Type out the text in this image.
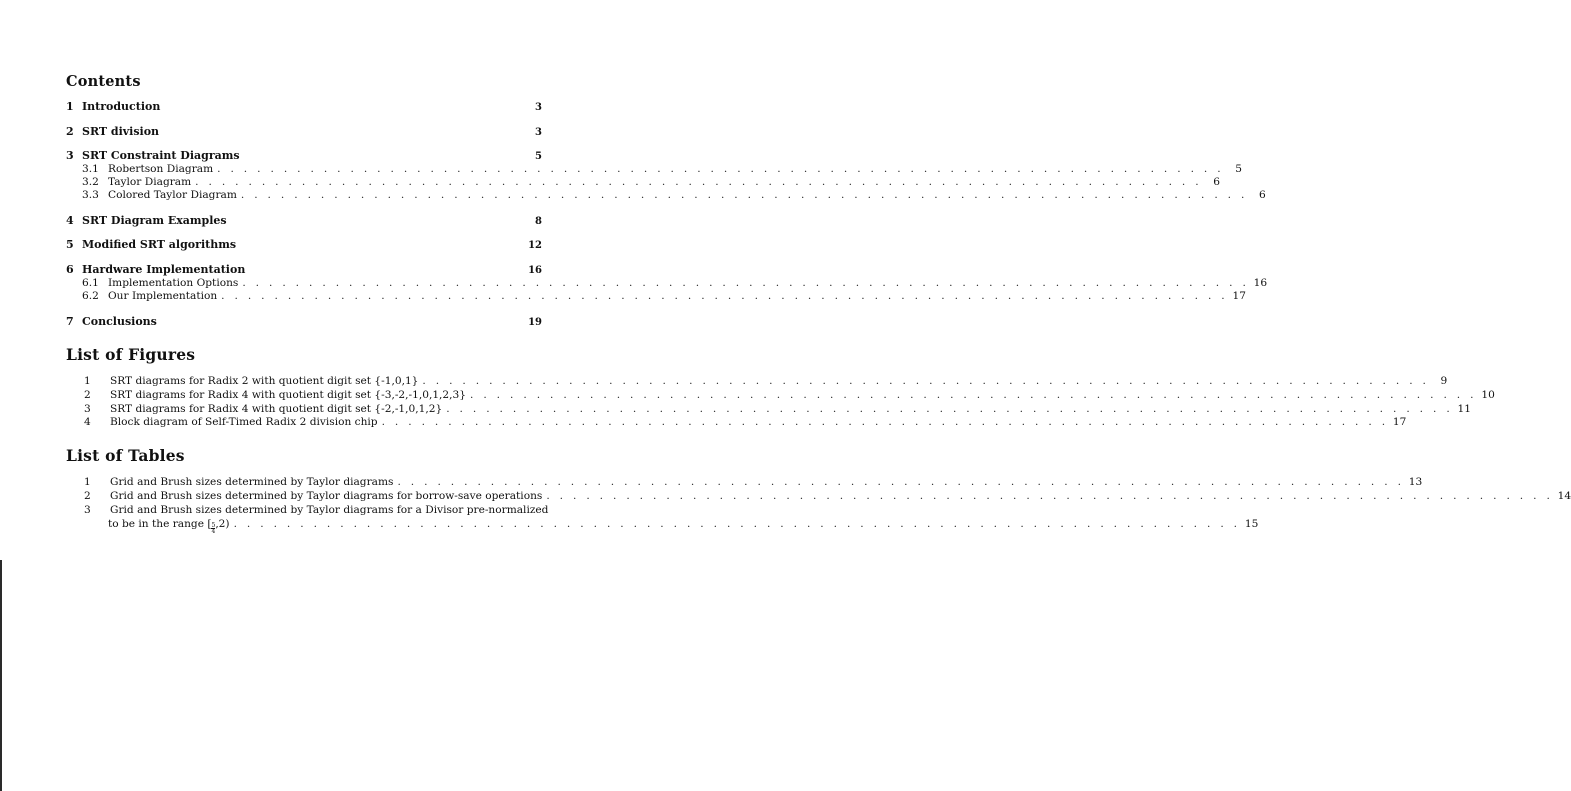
Contents
1 Introduction	3
2 SRT division	3
3 SRT Constraint Diagrams	5
3.1 Robertson Diagram . . . . . . . . . . . . . . . . . . . . . . . . . . . . . . . . . . . . . . . . . . . . . . . . . . . . . . . . . . . . . . . . . . . . . . . . . . . .	5
3.2 Taylor Diagram . . . . . . . . . . . . . . . . . . . . . . . . . . . . . . . . . . . . . . . . . . . . . . . . . . . . . . . . . . . . . . . . . . . . . . . . . . . .	6
3.3 Colored Taylor Diagram . . . . . . . . . . . . . . . . . . . . . . . . . . . . . . . . . . . . . . . . . . . . . . . . . . . . . . . . . . . . . . . . . . . . . . . . . . . .	6
4 SRT Diagram Examples	8
5 Modified SRT algorithms	12
6 Hardware Implementation	16
6.1 Implementation Options . . . . . . . . . . . . . . . . . . . . . . . . . . . . . . . . . . . . . . . . . . . . . . . . . . . . . . . . . . . . . . . . . . . . . . . . . . . . 16
6.2 Our Implementation . . . . . . . . . . . . . . . . . . . . . . . . . . . . . . . . . . . . . . . . . . . . . . . . . . . . . . . . . . . . . . . . . . . . . . . . . . . . 17
7 Conclusions	19
List of Figures
1	SRT diagrams for Radix 2 with quotient digit set {-1,0,1} . . . . . . . . . . . . . . . . . . . . . . . . . . . . . . . . . . . . . . . . . . . . . . . . . . . . . . . . . . . . . . . . . . . . . . . . . . . .	9
2	SRT diagrams for Radix 4 with quotient digit set {-3,-2,-1,0,1,2,3} . . . . . . . . . . . . . . . . . . . . . . . . . . . . . . . . . . . . . . . . . . . . . . . . . . . . . . . . . . . . . . . . . . . . . . . . . . . . 10
3	SRT diagrams for Radix 4 with quotient digit set {-2,-1,0,1,2} . . . . . . . . . . . . . . . . . . . . . . . . . . . . . . . . . . . . . . . . . . . . . . . . . . . . . . . . . . . . . . . . . . . . . . . . . . . . 11
4	Block diagram of Self-Timed Radix 2 division chip . . . . . . . . . . . . . . . . . . . . . . . . . . . . . . . . . . . . . . . . . . . . . . . . . . . . . . . . . . . . . . . . . . . . . . . . . . . . 17
List of Tables
1	Grid and Brush sizes determined by Taylor diagrams . . . . . . . . . . . . . . . . . . . . . . . . . . . . . . . . . . . . . . . . . . . . . . . . . . . . . . . . . . . . . . . . . . . . . . . . . . . . 13
2	Grid and Brush sizes determined by Taylor diagrams for borrow-save operations . . . . . . . . . . . . . . . . . . . . . . . . . . . . . . . . . . . . . . . . . . . . . . . . . . . . . . . . . . . . . . . . . . . . . . . . . . . . 14
3	Grid and Brush sizes determined by Taylor diagrams for a Divisor pre-normalized
to be in the range [ $\frac{5}{4} ,2$) . . . . . . . . . . . . . . . . . . . . . . . . . . . . . . . . . . . . . . . . . . . . . . . . . . . . . . . . . . . . . . . . . . . . . . . . . . . . 15
